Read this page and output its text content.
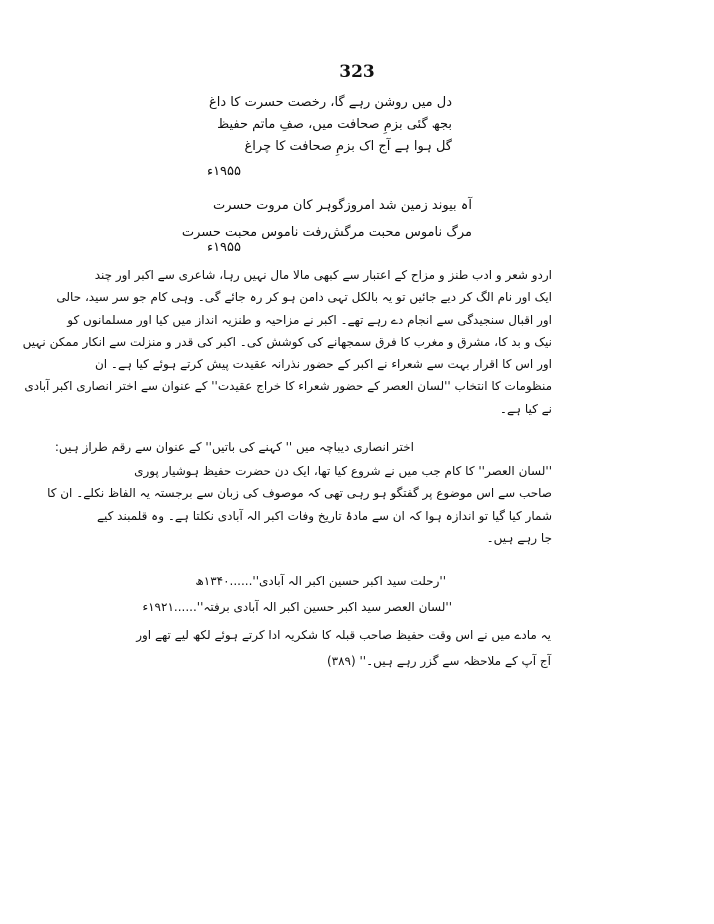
323
دل میں روشن رہے گا، رخصت حسرت کا داغ
بجھ گئی بزمِ صحافت میں، صفِ ماتم حفیظ
گل ہوا ہے آج اک بزمِ صحافت کا چراغ
۱۹۵۵ء
آہ بیوند زمین شد امروز
گوہر کان مروت حسرت
مرگ ناموس محبت مرگش
رفت ناموس محبت حسرت
۱۹۵۵ء
اردو شعر و ادب طنز و مزاح کے اعتبار سے کبھی مالا مال نہیں رہا، شاعری سے اکبر اور چند
ایک اور نام الگ کر دیے جائیں تو یہ بالکل تہی دامن ہو کر رہ جائے گی۔ وہی کام جو سر سید، حالی
اور اقبال سنجیدگی سے انجام دے رہے تھے۔ اکبر نے مزاحیہ و طنزیہ انداز میں کیا اور مسلمانوں کو
نیک و بد کا، مشرق و مغرب کا فرق سمجھانے کی کوشش کی۔ اکبر کی قدر و منزلت سے انکار ممکن نہیں
اور اس کا اقرار بہت سے شعراء نے اکبر کے حضور نذرانہ عقیدت پیش کرتے ہوئے کیا ہے۔ ان
منظومات کا انتخاب ''لسان العصر کے حضور شعراء کا خراج عقیدت'' کے عنوان سے اختر انصاری اکبر آبادی
نے کیا ہے۔
اختر انصاری دیباچہ میں '' کہنے کی باتیں'' کے عنوان سے رقم طراز ہیں:
''لسان العصر'' کا کام جب میں نے شروع کیا تھا، ایک دن حضرت حفیظ ہوشیار پوری
صاحب سے اس موضوع پر گفتگو ہو رہی تھی کہ موصوف کی زبان سے برجستہ یہ الفاظ نکلے۔ ان کا
شمار کیا گیا تو اندازہ ہوا کہ ان سے مادۂ تاریخ وفات اکبر الہ آبادی نکلتا ہے۔ وہ قلمبند کیے
جا رہے ہیں۔
''رحلت سید اکبر حسین اکبر الہ آبادی''......۱۳۴۰ھ
''لسان العصر سید اکبر حسین اکبر الہ آبادی برفتہ''......۱۹۲۱ء
یہ مادے میں نے اس وقت حفیظ صاحب قبلہ کا شکریہ ادا کرتے ہوئے لکھ لیے تھے اور
آج آپ کے ملاحظہ سے گزر رہے ہیں۔'' (۳۸۹)
